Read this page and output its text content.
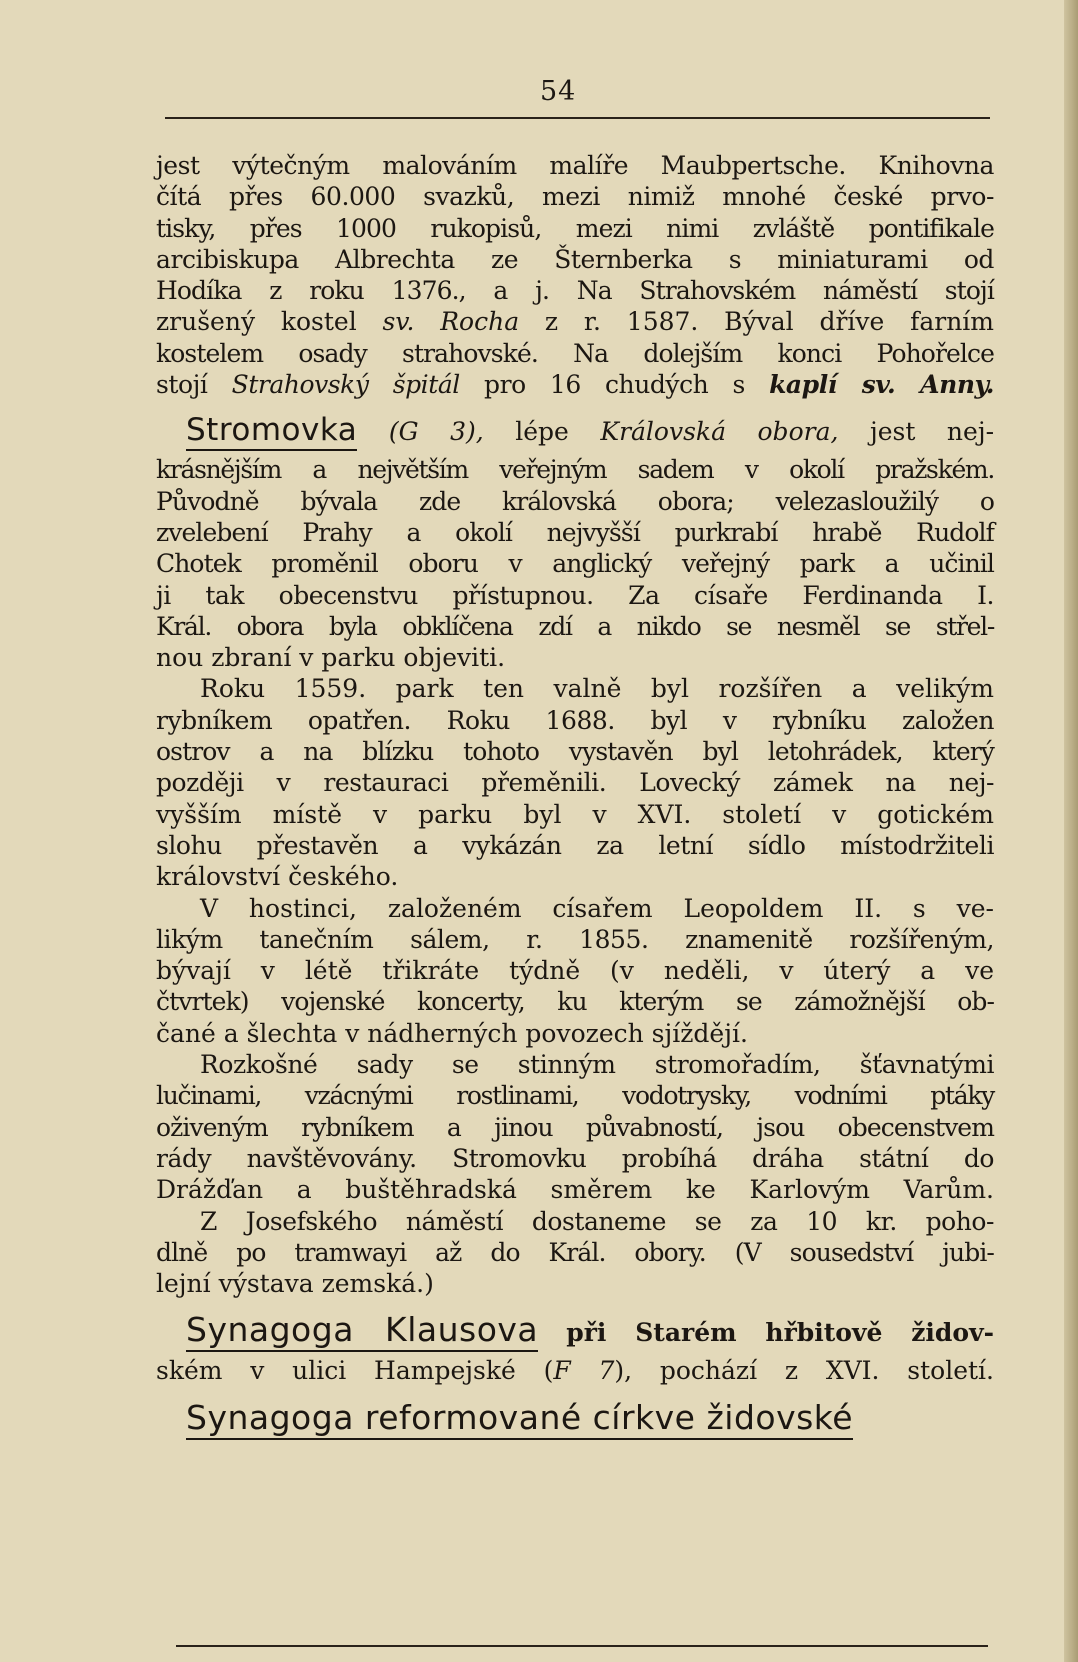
54
jest výtečným malováním malíře Maubpertsche. Knihovna
čítá přes 60.000 svazků, mezi nimiž mnohé české prvo-
tisky, přes 1000 rukopisů, mezi nimi zvláště pontifikale
arcibiskupa Albrechta ze Šternberka s miniaturami od
Hodíka z roku 1376., a j. Na Strahovském náměstí stojí
zrušený kostel sv. Rocha z r. 1587. Býval dříve farním
kostelem osady strahovské. Na dolejším konci Pohořelce
stojí Strahovský špitál pro 16 chudých s kaplí sv. Anny.
Stromovka (G 3), lépe Královská obora, jest nej-
krásnějším a největším veřejným sadem v okolí pražském.
Původně bývala zde královská obora; velezasloužilý o
zvelebení Prahy a okolí nejvyšší purkrabí hrabě Rudolf
Chotek proměnil oboru v anglický veřejný park a učinil
ji tak obecenstvu přístupnou. Za císaře Ferdinanda I.
Král. obora byla obklíčena zdí a nikdo se nesměl se střel-
nou zbraní v parku objeviti.
Roku 1559. park ten valně byl rozšířen a velikým
rybníkem opatřen. Roku 1688. byl v rybníku založen
ostrov a na blízku tohoto vystavěn byl letohrádek, který
později v restauraci přeměnili. Lovecký zámek na nej-
vyšším místě v parku byl v XVI. století v gotickém
slohu přestavěn a vykázán za letní sídlo místodržiteli
království českého.
V hostinci, založeném císařem Leopoldem II. s ve-
likým tanečním sálem, r. 1855. znamenitě rozšířeným,
bývají v létě třikráte týdně (v neděli, v úterý a ve
čtvrtek) vojenské koncerty, ku kterým se zámožnější ob-
čané a šlechta v nádherných povozech sjíždějí.
Rozkošné sady se stinným stromořadím, šťavnatými
lučinami, vzácnými rostlinami, vodotrysky, vodními ptáky
oživeným rybníkem a jinou půvabností, jsou obecenstvem
rády navštěvovány. Stromovku probíhá dráha státní do
Drážďan a buštěhradská směrem ke Karlovým Varům.
Z Josefského náměstí dostaneme se za 10 kr. poho-
dlně po tramwayi až do Král. obory. (V sousedství jubi-
lejní výstava zemská.)
Synagoga Klausova při Starém hřbitově židov-
ském v ulici Hampejské (F 7), pochází z XVI. století.
Synagoga reformované církve židovské
